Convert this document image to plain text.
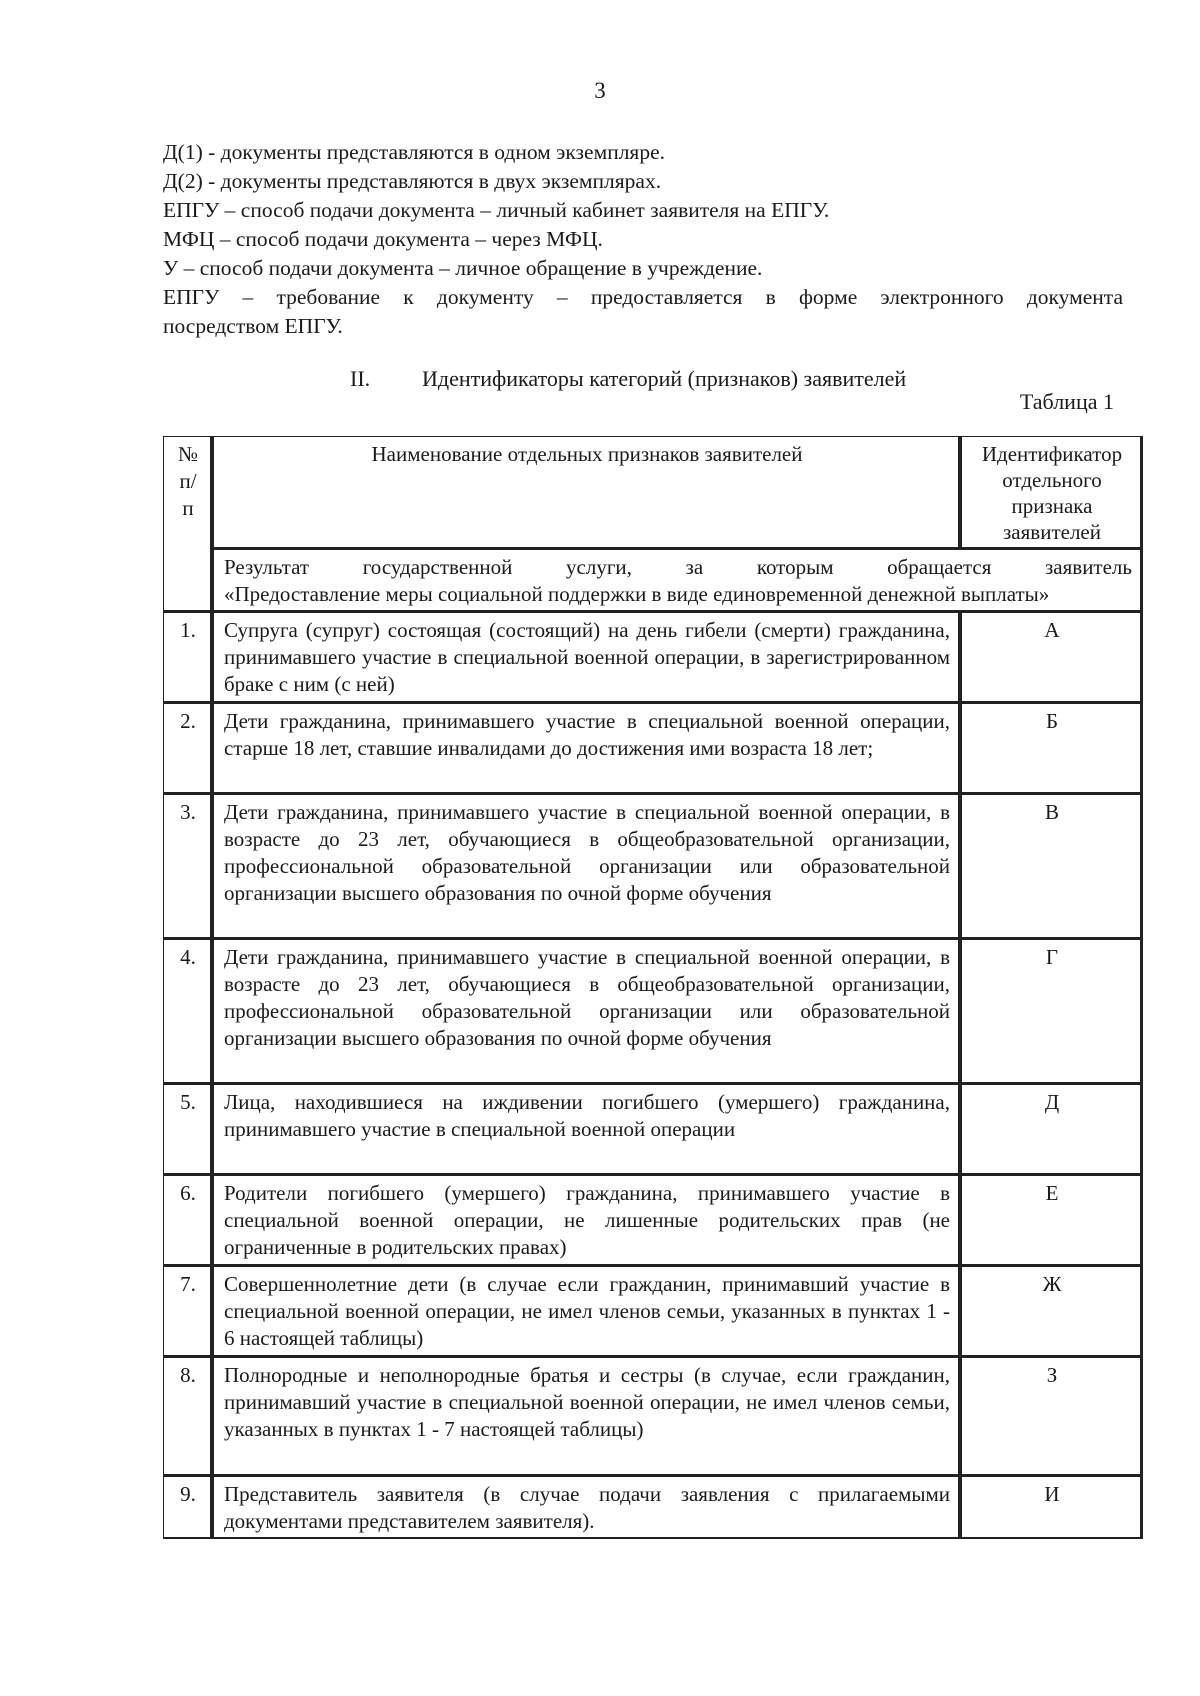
3
Д(1) - документы представляются в одном экземпляре.
Д(2) - документы представляются в двух экземплярах.
ЕПГУ – способ подачи документа – личный кабинет заявителя на ЕПГУ.
МФЦ – способ подачи документа – через МФЦ.
У – способ подачи документа – личное обращение в учреждение.
ЕПГУ – требование к документу – предоставляется в форме электронного документа
посредством ЕПГУ.
II. Идентификаторы категорий (признаков) заявителей
Таблица 1
№ п/п	Наименование отдельных признаков заявителей	Идентификатор отдельного признака заявителей

	Результат государственной услуги, за которым обращается заявитель
«Предоставление меры социальной поддержки в виде единовременной денежной выплаты»	

1.	Супруга (супруг) состоящая (состоящий) на день гибели (смерти) гражданина, принимавшего участие в специальной военной операции, в зарегистрированном браке с ним (с ней)	А
2.	Дети гражданина, принимавшего участие в специальной военной операции, старше 18 лет, ставшие инвалидами до достижения ими возраста 18 лет;	Б
3.	Дети гражданина, принимавшего участие в специальной военной операции, в возрасте до 23 лет, обучающиеся в общеобразовательной организации, профессиональной образовательной организации или образовательной организации высшего образования по очной форме обучения	В
4.	Дети гражданина, принимавшего участие в специальной военной операции, в возрасте до 23 лет, обучающиеся в общеобразовательной организации, профессиональной образовательной организации или образовательной организации высшего образования по очной форме обучения	Г
5.	Лица, находившиеся на иждивении погибшего (умершего) гражданина, принимавшего участие в специальной военной операции	Д
6.	Родители погибшего (умершего) гражданина, принимавшего участие в специальной военной операции, не лишенные родительских прав (не ограниченные в родительских правах)	Е
7.	Совершеннолетние дети (в случае если гражданин, принимавший участие в специальной военной операции, не имел членов семьи, указанных в пунктах 1 - 6 настоящей таблицы)	Ж
8.	Полнородные и неполнородные братья и сестры (в случае, если гражданин, принимавший участие в специальной военной операции, не имел членов семьи, указанных в пунктах 1 - 7 настоящей таблицы)	З
9.	Представитель заявителя (в случае подачи заявления с прилагаемыми документами представителем заявителя).	И
